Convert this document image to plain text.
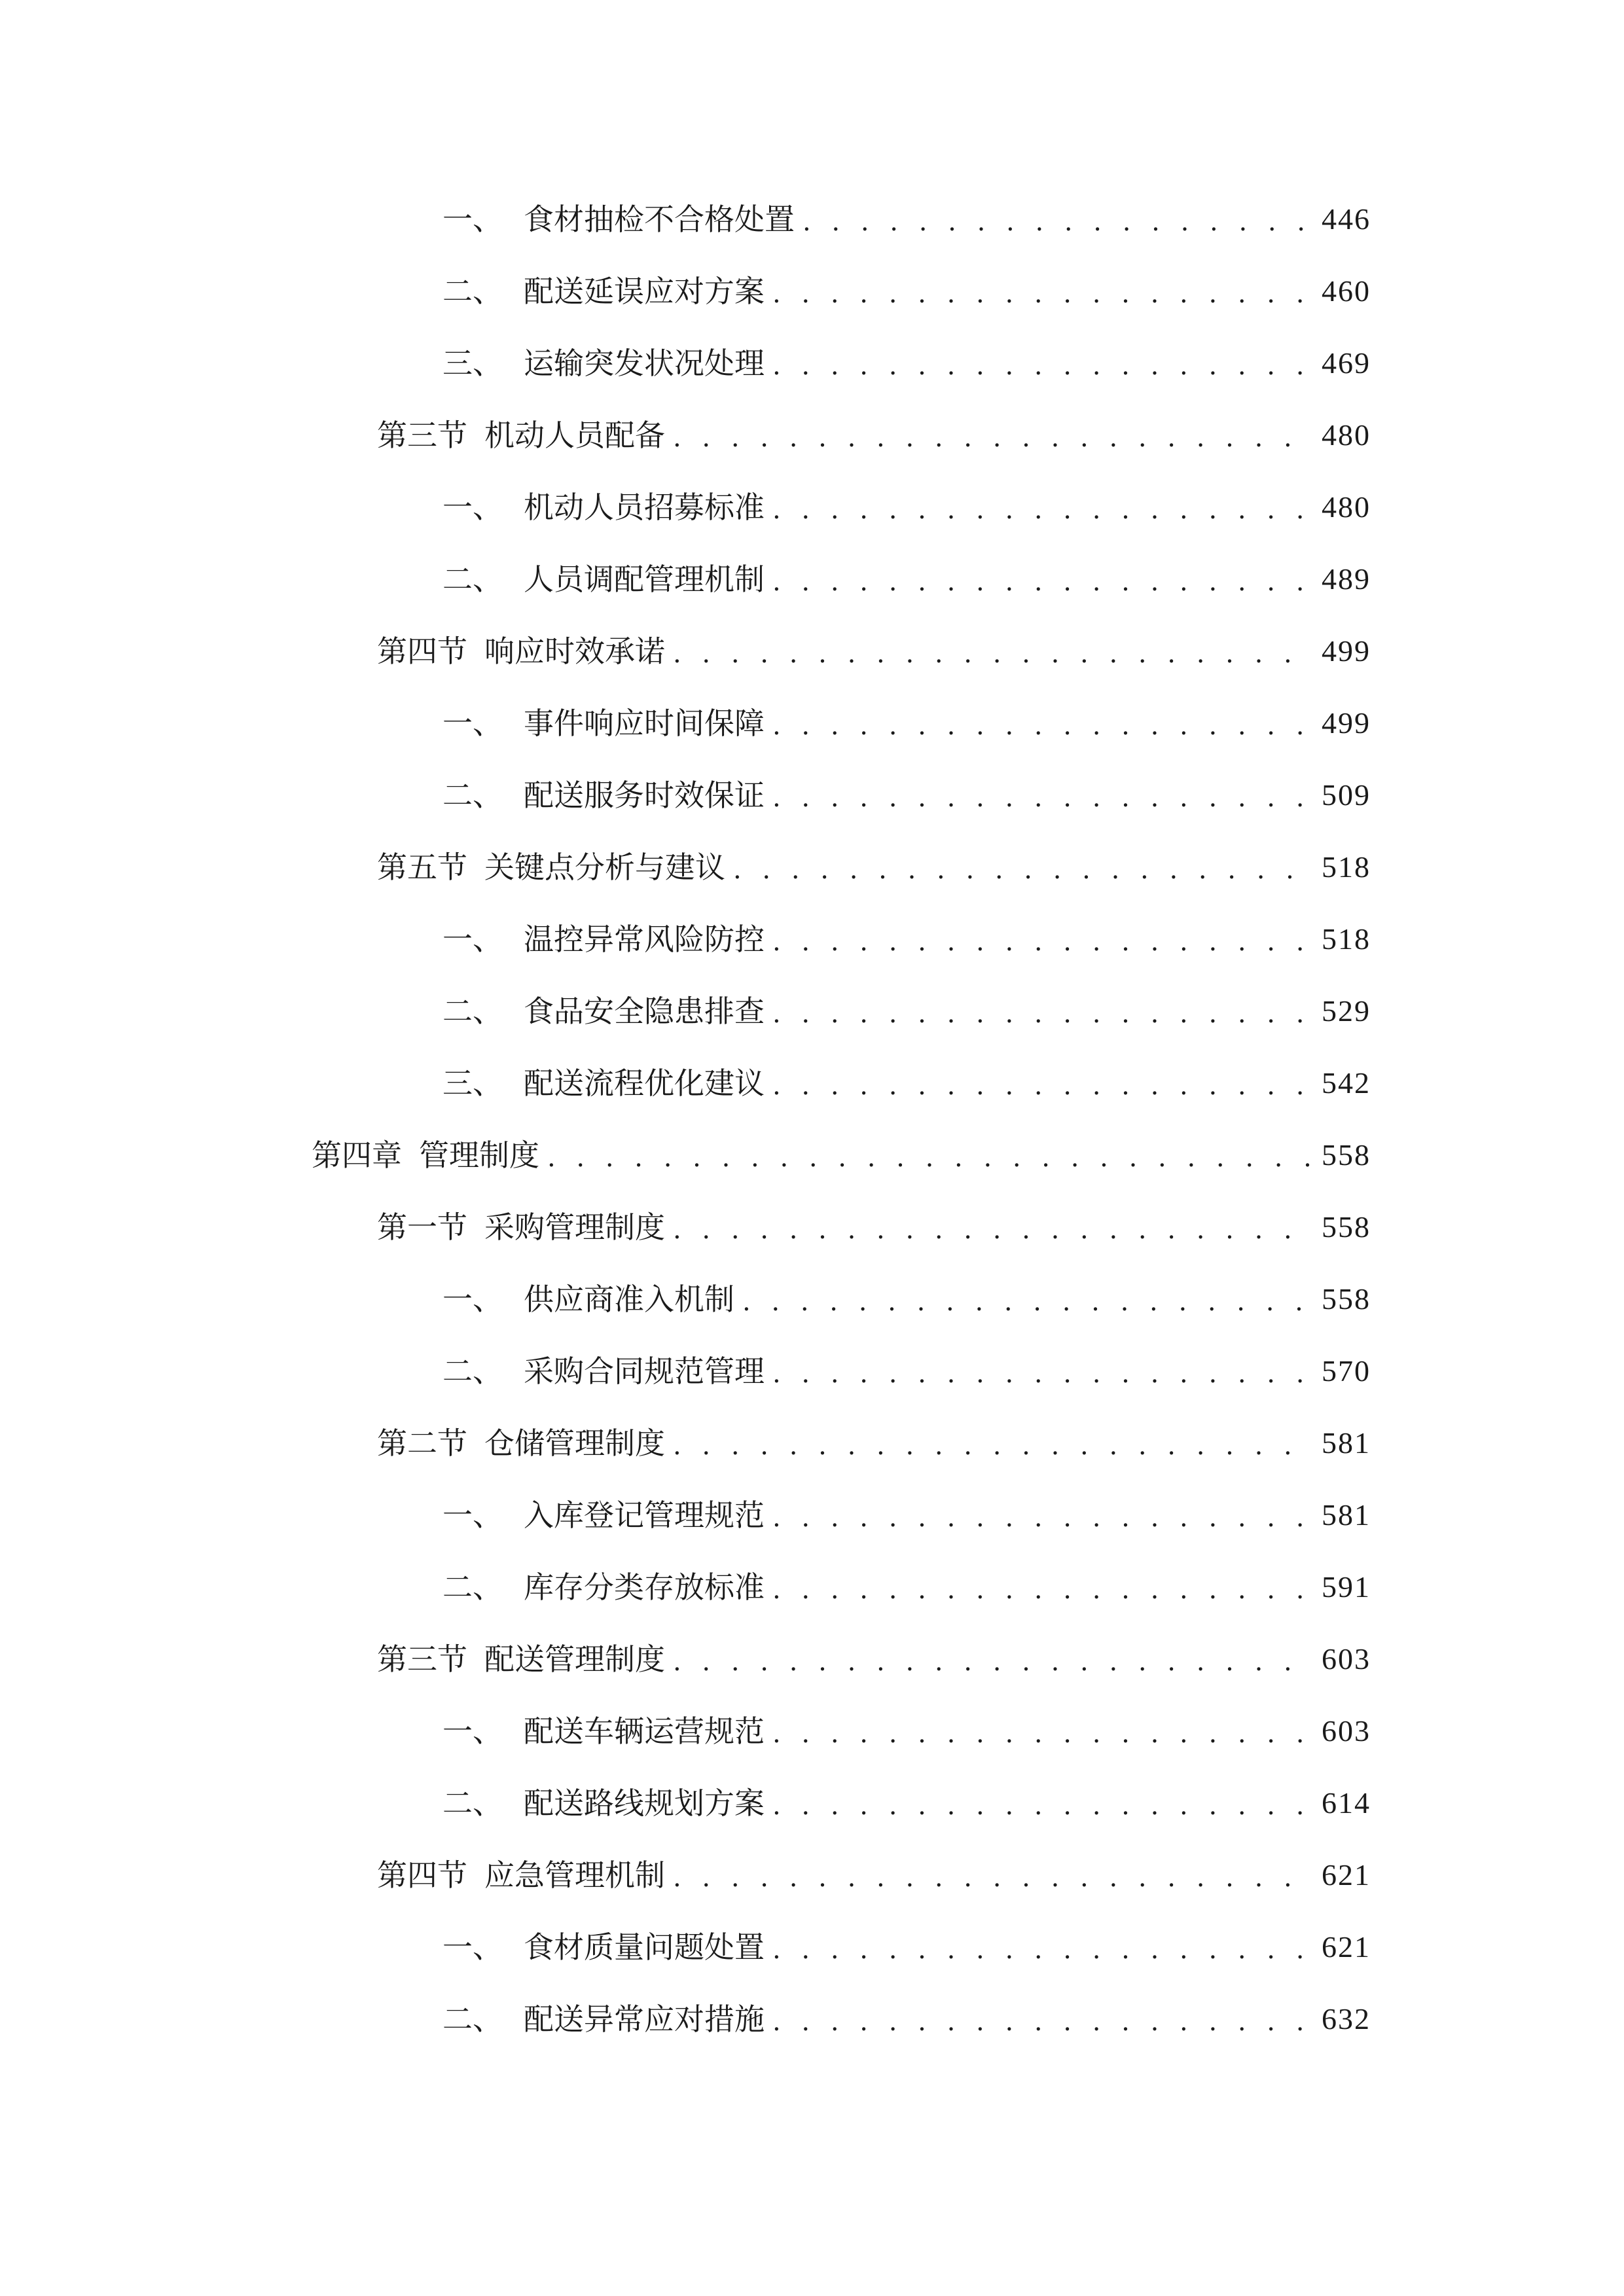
一、 食材抽检不合格处置 . . .	446
二、 配送延误应对方案 . . .	460
三、 运输突发状况处理 . . .	469
第三节 机动人员配备 . . .	480
一、 机动人员招募标准 . . .	480
二、 人员调配管理机制 . . .	489
第四节 响应时效承诺 . . .	499
一、 事件响应时间保障 . . .	499
二、 配送服务时效保证 . . .	509
第五节 关键点分析与建议 . . .	518
一、 温控异常风险防控 . . .	518
二、 食品安全隐患排查 . . .	529
三、 配送流程优化建议 . . .	542
第四章 管理制度 . . .	558
第一节 采购管理制度 . . .	558
一、 供应商准入机制 . . .	558
二、 采购合同规范管理 . . .	570
第二节 仓储管理制度 . . .	581
一、 入库登记管理规范 . . .	581
二、 库存分类存放标准 . . .	591
第三节 配送管理制度 . . .	603
一、 配送车辆运营规范 . . .	603
二、 配送路线规划方案 . . .	614
第四节 应急管理机制 . . .	621
一、 食材质量问题处置 . . .	621
二、 配送异常应对措施 . . .	632
